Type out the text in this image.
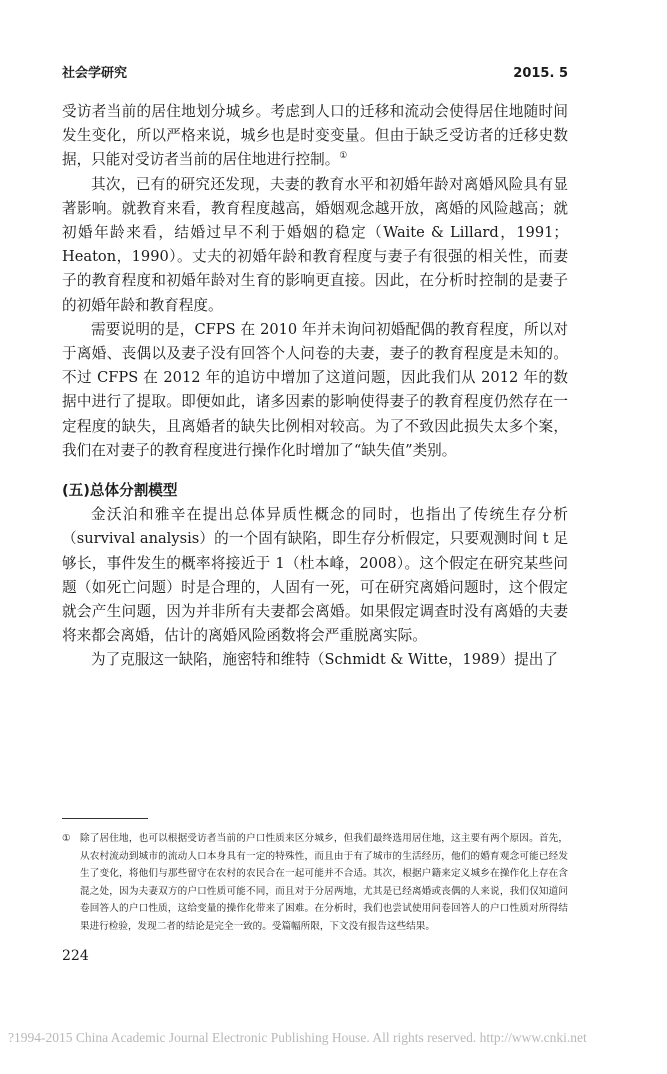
社会学研究	2015. 5

受访者当前的居住地划分城乡。考虑到人口的迁移和流动会使得居住地随时间发生变化，所以严格来说，城乡也是时变变量。但由于缺乏受访者的迁移史数据，只能对受访者当前的居住地进行控制。①

其次，已有的研究还发现，夫妻的教育水平和初婚年龄对离婚风险具有显著影响。就教育来看，教育程度越高，婚姻观念越开放，离婚的风险越高；就初婚年龄来看，结婚过早不利于婚姻的稳定（Waite & Lillard，1991；Heaton，1990）。丈夫的初婚年龄和教育程度与妻子有很强的相关性，而妻子的教育程度和初婚年龄对生育的影响更直接。因此，在分析时控制的是妻子的初婚年龄和教育程度。

需要说明的是，CFPS 在 2010 年并未询问初婚配偶的教育程度，所以对于离婚、丧偶以及妻子没有回答个人问卷的夫妻，妻子的教育程度是未知的。不过 CFPS 在 2012 年的追访中增加了这道问题，因此我们从 2012 年的数据中进行了提取。即便如此，诸多因素的影响使得妻子的教育程度仍然存在一定程度的缺失，且离婚者的缺失比例相对较高。为了不致因此损失太多个案，我们在对妻子的教育程度进行操作化时增加了“缺失值”类别。

(五)总体分割模型

金沃泊和雅辛在提出总体异质性概念的同时，也指出了传统生存分析（survival analysis）的一个固有缺陷，即生存分析假定，只要观测时间 t 足够长，事件发生的概率将接近于 1（杜本峰，2008）。这个假定在研究某些问题（如死亡问题）时是合理的，人固有一死，可在研究离婚问题时，这个假定就会产生问题，因为并非所有夫妻都会离婚。如果假定调查时没有离婚的夫妻将来都会离婚，估计的离婚风险函数将会严重脱离实际。

为了克服这一缺陷，施密特和维特（Schmidt & Witte，1989）提出了

① 除了居住地，也可以根据受访者当前的户口性质来区分城乡，但我们最终选用居住地，这主要有两个原因。首先，从农村流动到城市的流动人口本身具有一定的特殊性，而且由于有了城市的生活经历，他们的婚育观念可能已经发生了变化，将他们与那些留守在农村的农民合在一起可能并不合适。其次，根据户籍来定义城乡在操作化上存在含混之处，因为夫妻双方的户口性质可能不同，而且对于分居两地，尤其是已经离婚或丧偶的人来说，我们仅知道问卷回答人的户口性质，这给变量的操作化带来了困难。在分析时，我们也尝试使用问卷回答人的户口性质对所得结果进行检验，发现二者的结论是完全一致的。受篇幅所限，下文没有报告这些结果。
224
?1994-2015 China Academic Journal Electronic Publishing House. All rights reserved. http://www.cnki.net
